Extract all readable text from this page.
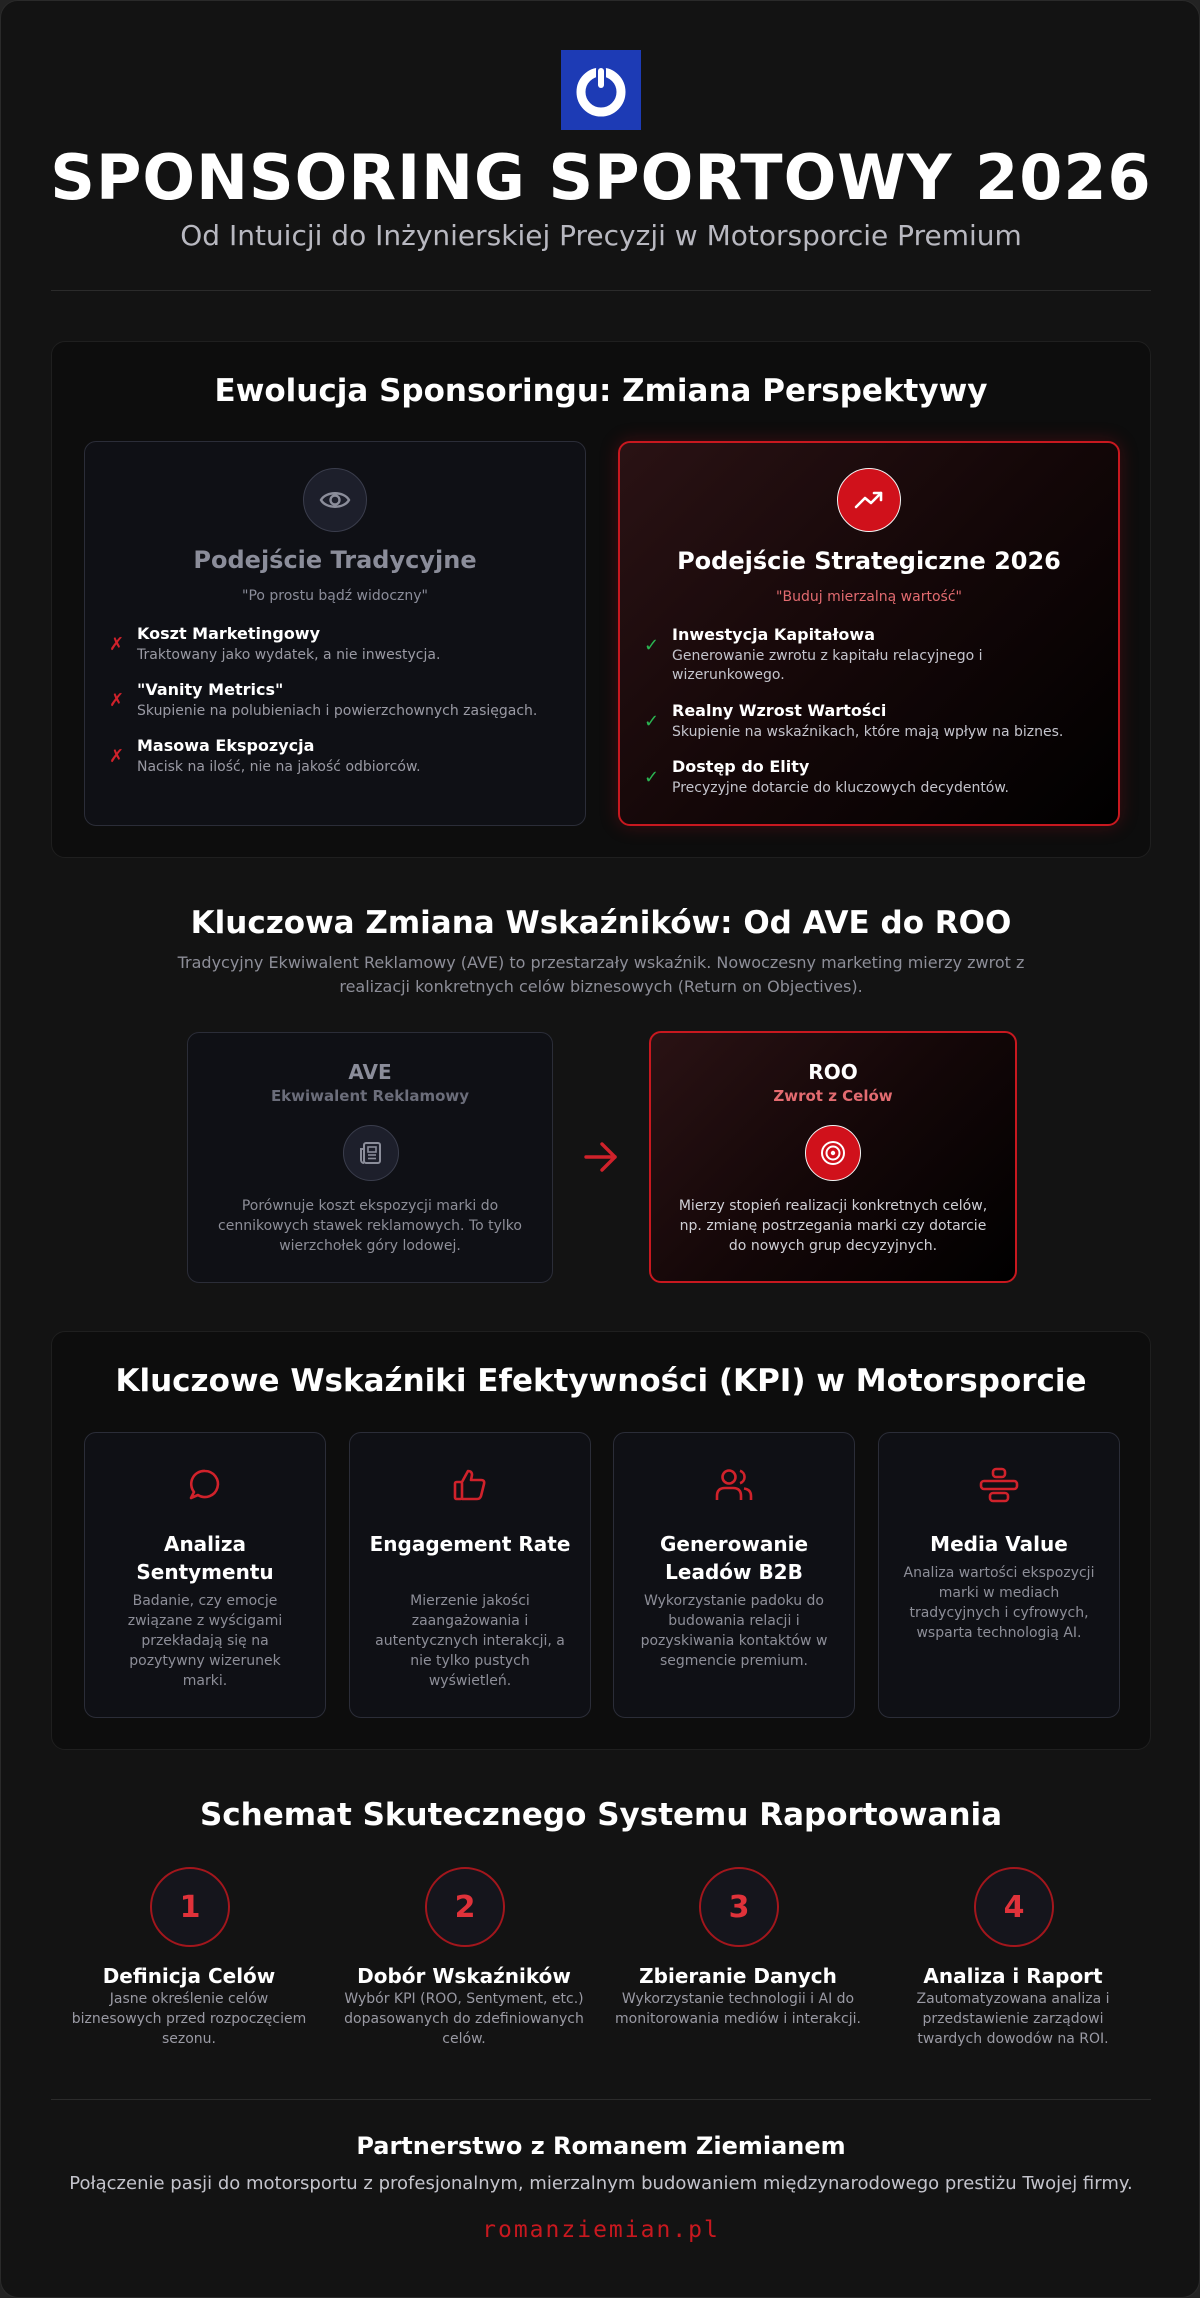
SPONSORING SPORTOWY 2026
Od Intuicji do Inżynierskiej Precyzji w Motorsporcie Premium
Ewolucja Sponsoringu: Zmiana Perspektywy
Podejście Tradycyjne
"Po prostu bądź widoczny"
✗
Koszt Marketingowy
Traktowany jako wydatek, a nie inwestycja.
✗
"Vanity Metrics"
Skupienie na polubieniach i powierzchownych zasięgach.
✗
Masowa Ekspozycja
Nacisk na ilość, nie na jakość odbiorców.
Podejście Strategiczne 2026
"Buduj mierzalną wartość"
✓
Inwestycja Kapitałowa
Generowanie zwrotu z kapitału relacyjnego i wizerunkowego.
✓
Realny Wzrost Wartości
Skupienie na wskaźnikach, które mają wpływ na biznes.
✓
Dostęp do Elity
Precyzyjne dotarcie do kluczowych decydentów.
Kluczowa Zmiana Wskaźników: Od AVE do ROO
Tradycyjny Ekwiwalent Reklamowy (AVE) to przestarzały wskaźnik. Nowoczesny marketing mierzy zwrot z realizacji konkretnych celów biznesowych (Return on Objectives).
AVE
Ekwiwalent Reklamowy
Porównuje koszt ekspozycji marki do cennikowych stawek reklamowych. To tylko wierzchołek góry lodowej.
ROO
Zwrot z Celów
Mierzy stopień realizacji konkretnych celów, np. zmianę postrzegania marki czy dotarcie do nowych grup decyzyjnych.
Kluczowe Wskaźniki Efektywności (KPI) w Motorsporcie
Analiza Sentymentu
Badanie, czy emocje związane z wyścigami przekładają się na pozytywny wizerunek marki.
Engagement Rate
Mierzenie jakości zaangażowania i autentycznych interakcji, a nie tylko pustych wyświetleń.
Generowanie Leadów B2B
Wykorzystanie padoku do budowania relacji i pozyskiwania kontaktów w segmencie premium.
Media Value
Analiza wartości ekspozycji marki w mediach tradycyjnych i cyfrowych, wsparta technologią AI.
Schemat Skutecznego Systemu Raportowania
1
Definicja Celów
Jasne określenie celów biznesowych przed rozpoczęciem sezonu.
2
Dobór Wskaźników
Wybór KPI (ROO, Sentyment, etc.) dopasowanych do zdefiniowanych celów.
3
Zbieranie Danych
Wykorzystanie technologii i AI do monitorowania mediów i interakcji.
4
Analiza i Raport
Zautomatyzowana analiza i przedstawienie zarządowi twardych dowodów na ROI.
Partnerstwo z Romanem Ziemianem
Połączenie pasji do motorsportu z profesjonalnym, mierzalnym budowaniem międzynarodowego prestiżu Twojej firmy.
romanziemian.pl
